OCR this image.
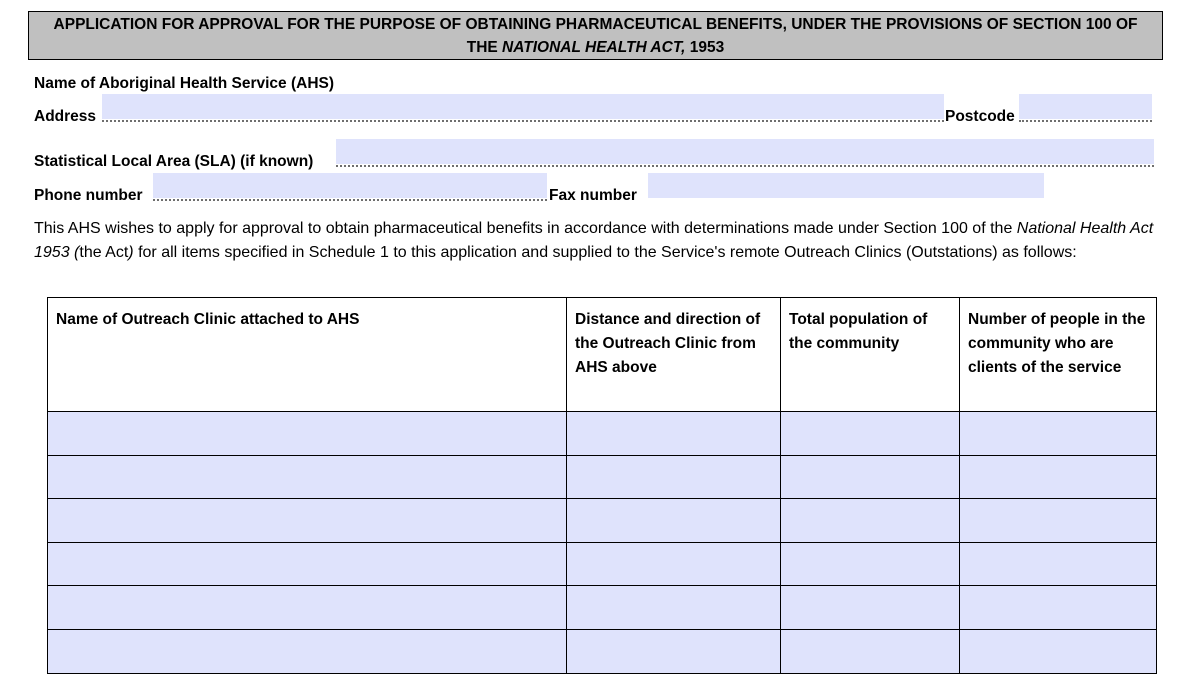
APPLICATION FOR APPROVAL FOR THE PURPOSE OF OBTAINING PHARMACEUTICAL BENEFITS, UNDER THE PROVISIONS OF SECTION 100 OF
THE NATIONAL HEALTH ACT, 1953
Name of Aboriginal Health Service (AHS)
Address	Postcode
Statistical Local Area (SLA) (if known)
Phone number	Fax number
This AHS wishes to apply for approval to obtain pharmaceutical benefits in accordance with determinations made under Section 100 of the National Health Act 1953 (the Act) for all items specified in Schedule 1 to this application and supplied to the Service's remote Outreach Clinics (Outstations) as follows:
Name of Outreach Clinic attached to AHS	Distance and direction of the Outreach Clinic from AHS above	Total population of the community	Number of people in the community who are clients of the service
